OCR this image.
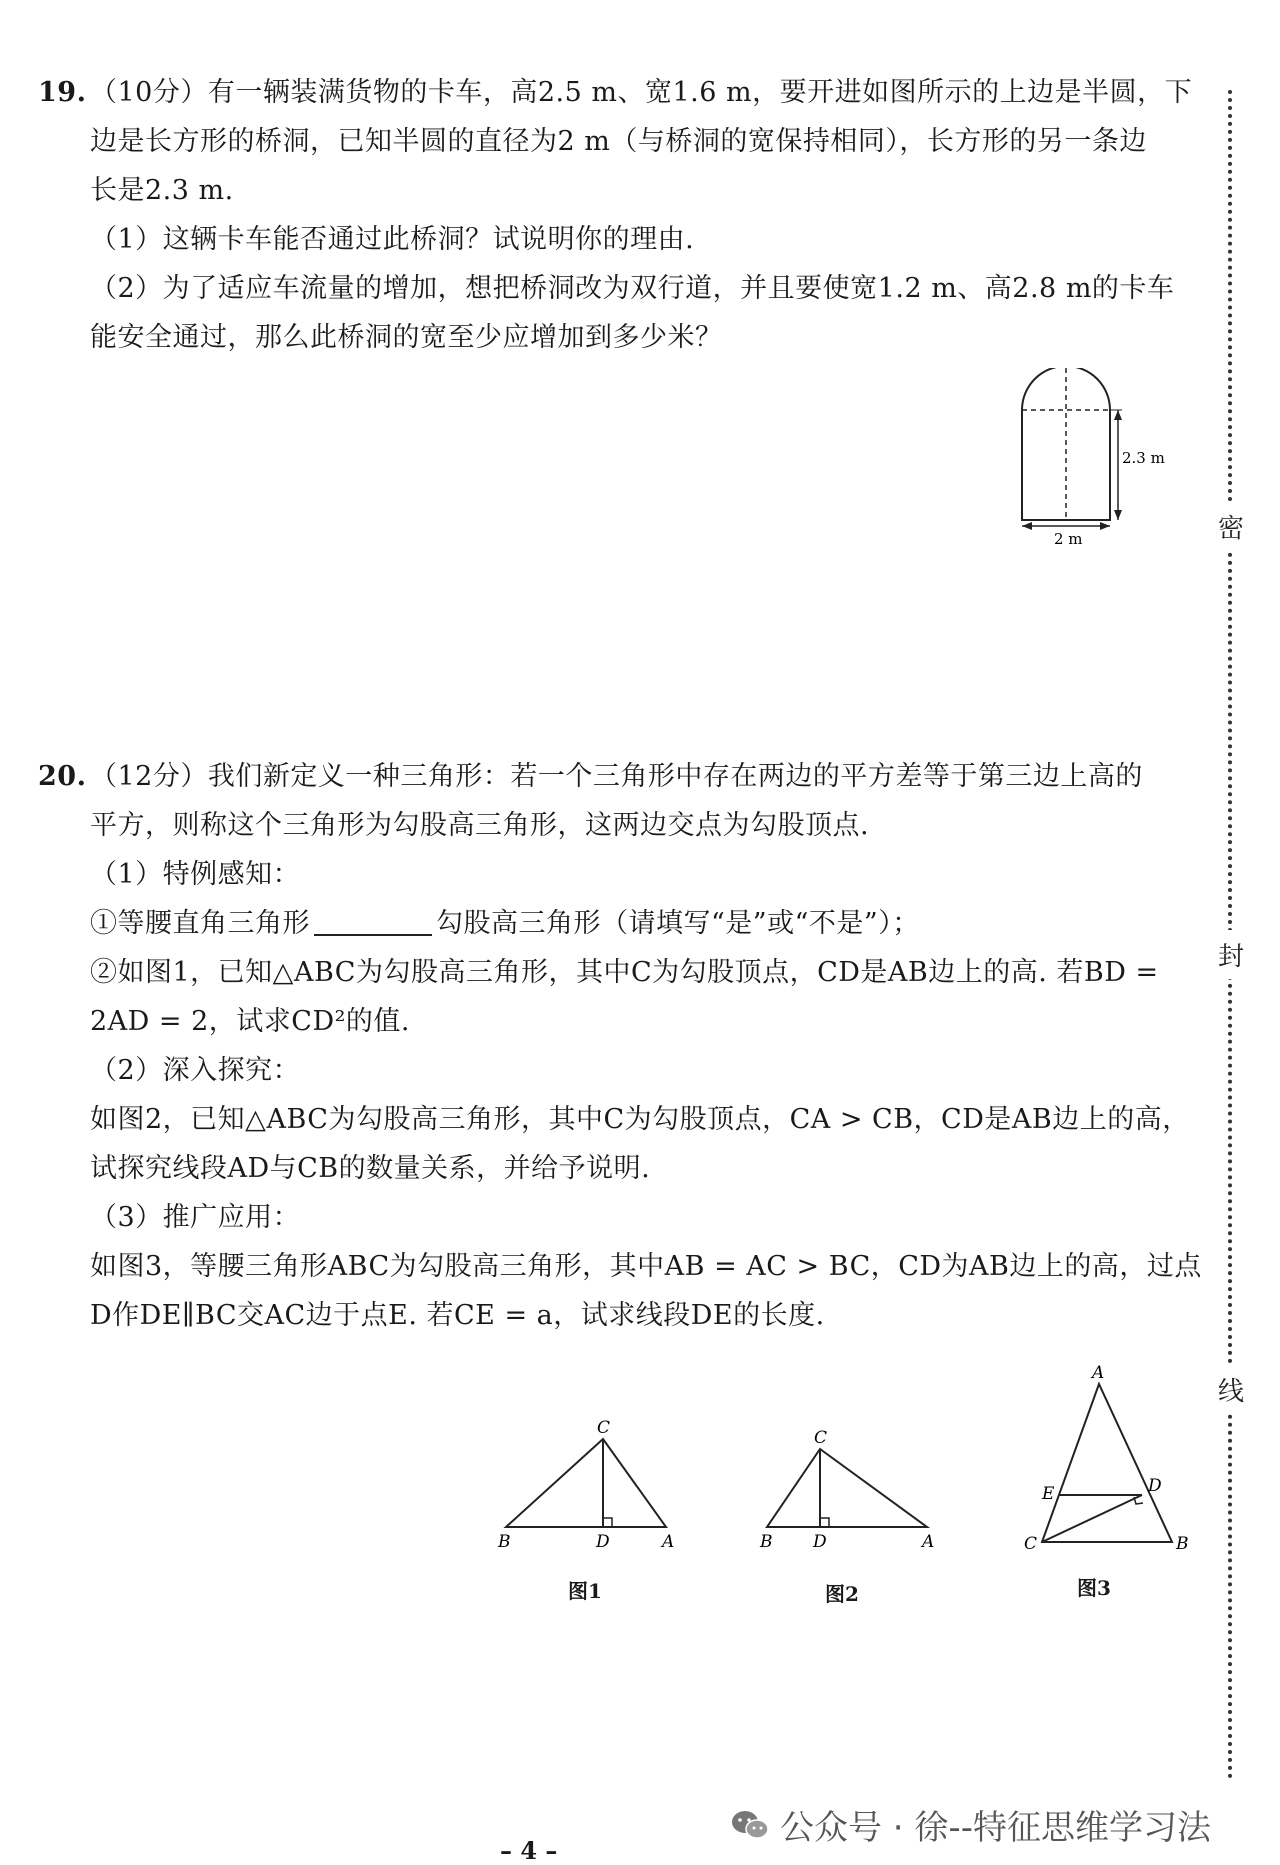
19. （10分）有一辆装满货物的卡车，高2.5 m、宽1.6 m，要开进如图所示的上边是半圆，下
边是长方形的桥洞，已知半圆的直径为2 m（与桥洞的宽保持相同），长方形的另一条边
长是2.3 m.
（1）这辆卡车能否通过此桥洞？试说明你的理由.
（2）为了适应车流量的增加，想把桥洞改为双行道，并且要使宽1.2 m、高2.8 m的卡车
能安全通过，那么此桥洞的宽至少应增加到多少米？
2.3 m
2 m
20. （12分）我们新定义一种三角形：若一个三角形中存在两边的平方差等于第三边上高的
平方，则称这个三角形为勾股高三角形，这两边交点为勾股顶点.
（1）特例感知：
①等腰直角三角形	勾股高三角形（请填写“是”或“不是”）；
②如图1，已知△ABC为勾股高三角形，其中C为勾股顶点，CD是AB边上的高. 若BD =
2AD = 2，试求CD²的值.
（2）深入探究：
如图2，已知△ABC为勾股高三角形，其中C为勾股顶点，CA > CB，CD是AB边上的高，
试探究线段AD与CB的数量关系，并给予说明.
（3）推广应用：
如图3，等腰三角形ABC为勾股高三角形，其中AB = AC > BC，CD为AB边上的高，过点
D作DE∥BC交AC边于点E. 若CE = a，试求线段DE的长度.
C
B	D	A
图1
C
B D	A
图2
A
E	D
C	B
图3
密
封
线
公众号 · 徐--特征思维学习法
– 4 –
